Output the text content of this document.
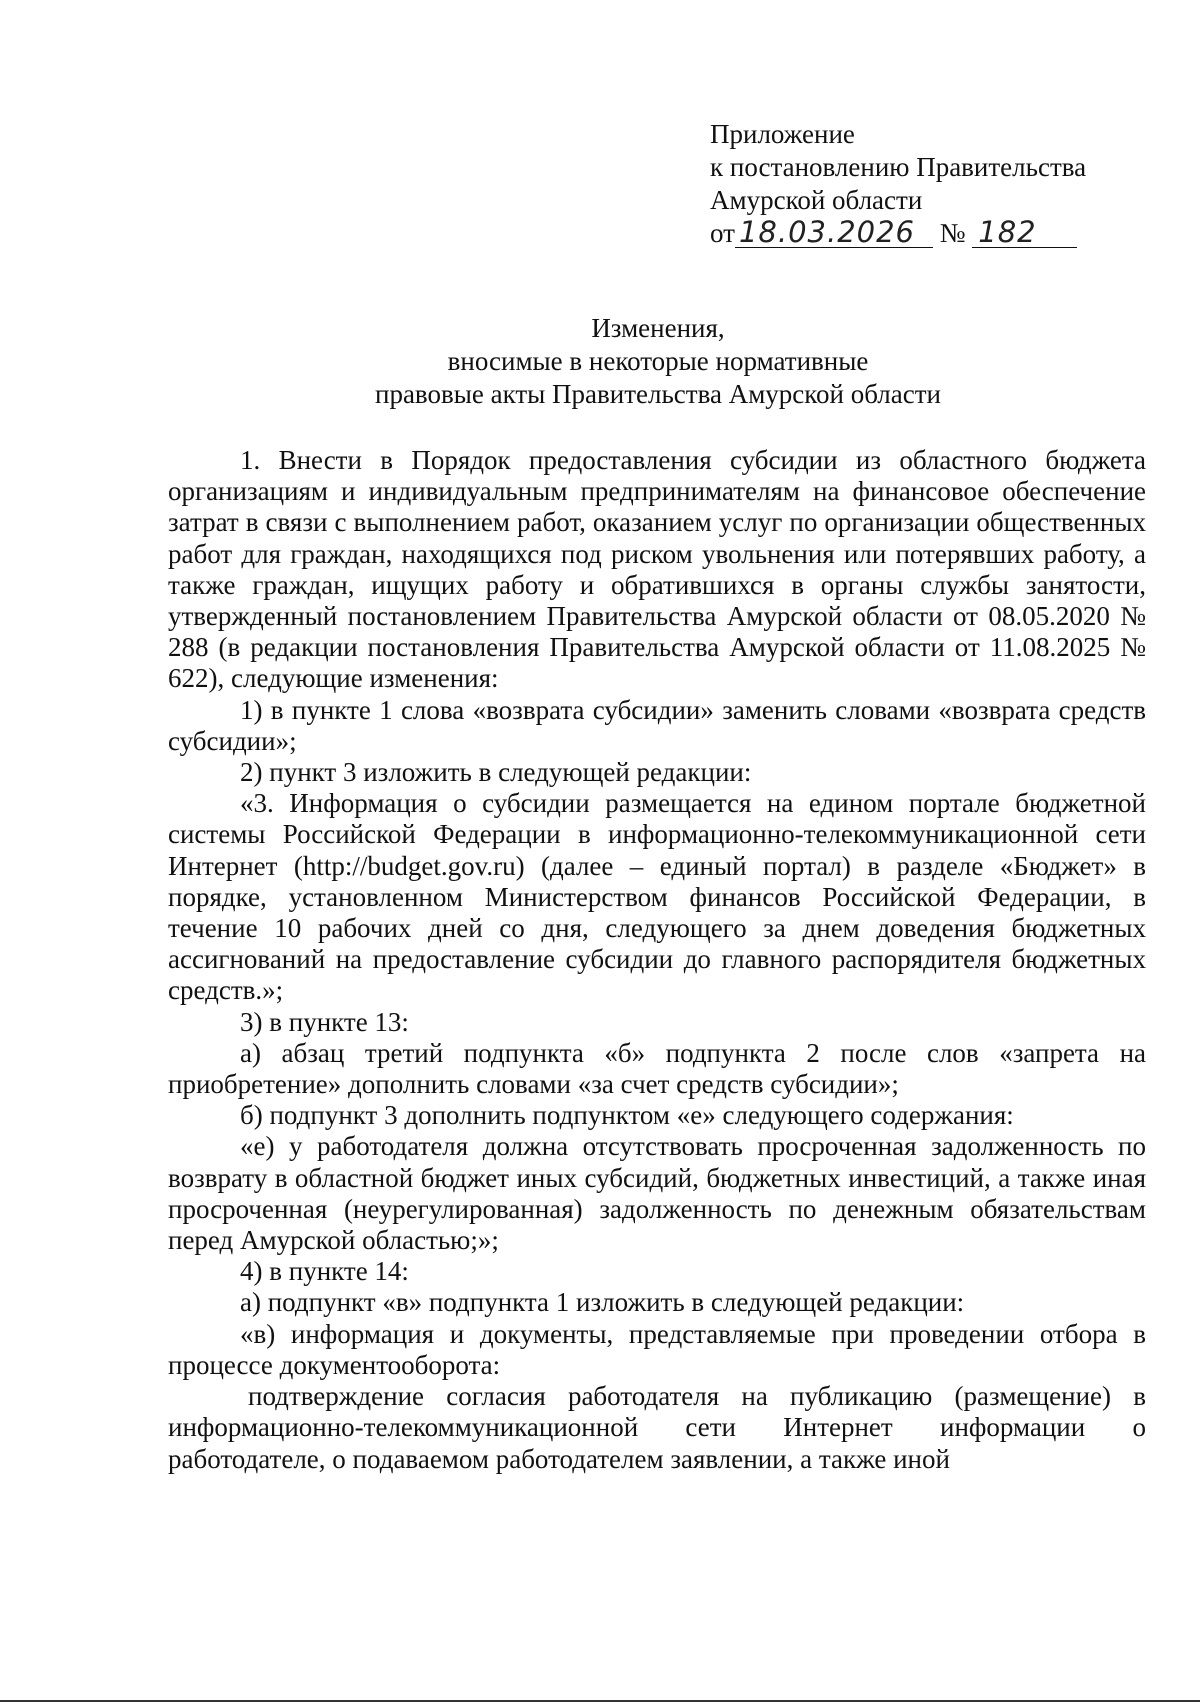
Приложение
к постановлению Правительства
Амурской области
от 18.03.2026 № 182
Изменения,
вносимые в некоторые нормативные
правовые акты Правительства Амурской области

1. Внести в Порядок предоставления субсидии из областного бюджета организациям и индивидуальным предпринимателям на финансовое обеспечение затрат в связи с выполнением работ, оказанием услуг по организации общественных работ для граждан, находящихся под риском увольнения или потерявших работу, а также граждан, ищущих работу и обратившихся в органы службы занятости, утвержденный постановлением Правительства Амурской области от 08.05.2020 № 288 (в редакции постановления Правительства Амурской области от 11.08.2025 № 622), следующие изменения:

1) в пункте 1 слова «возврата субсидии» заменить словами «возврата средств субсидии»;

2) пункт 3 изложить в следующей редакции:

«3. Информация о субсидии размещается на едином портале бюджетной системы Российской Федерации в информационно-телекоммуникационной сети Интернет (http://budget.gov.ru) (далее – единый портал) в разделе «Бюджет» в порядке, установленном Министерством финансов Российской Федерации, в течение 10 рабочих дней со дня, следующего за днем доведения бюджетных ассигнований на предоставление субсидии до главного распорядителя бюджетных средств.»;

3) в пункте 13:

а) абзац третий подпункта «б» подпункта 2 после слов «запрета на приобретение» дополнить словами «за счет средств субсидии»;

б) подпункт 3 дополнить подпунктом «е» следующего содержания:

«е) у работодателя должна отсутствовать просроченная задолженность по возврату в областной бюджет иных субсидий, бюджетных инвестиций, а также иная просроченная (неурегулированная) задолженность по денежным обязательствам перед Амурской областью;»;

4) в пункте 14:

а) подпункт «в» подпункта 1 изложить в следующей редакции:

«в) информация и документы, представляемые при проведении отбора в процессе документооборота:

подтверждение согласия работодателя на публикацию (размещение) в информационно-телекоммуникационной сети Интернет информации о работодателе, о подаваемом работодателем заявлении, а также иной
